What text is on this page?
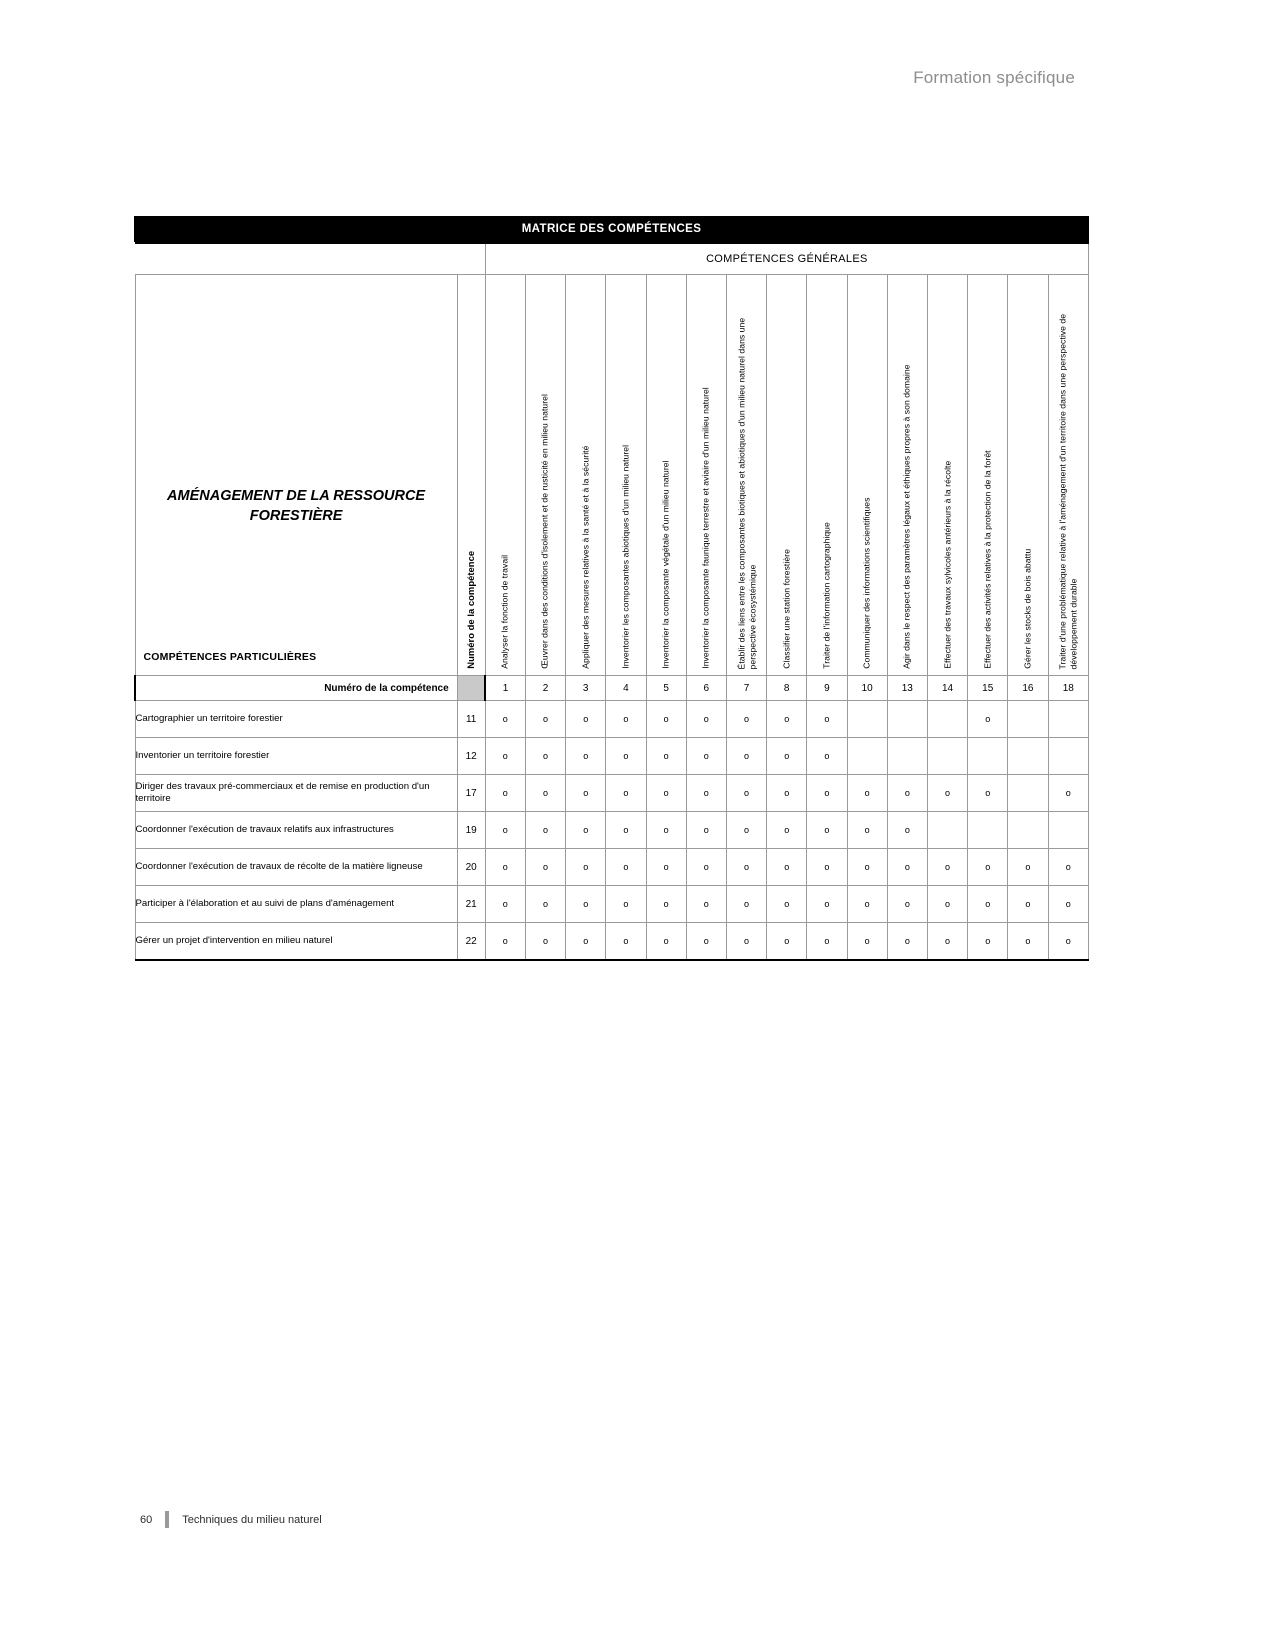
Formation spécifique
MATRICE DES COMPÉTENCES
		COMPÉTENCES GÉNÉRALES														

AMÉNAGEMENT DE LA RESSOURCE FORESTIÈRE
COMPÉTENCES PARTICULIÈRES	Numéro de la compétence	Analyser la fonction de travail	Œuvrer dans des conditions d'isolement et de rusticité en milieu naturel	Appliquer des mesures relatives à la santé et à la sécurité	Inventorier les composantes abiotiques d'un milieu naturel	Inventorier la composante végétale d'un milieu naturel	Inventorier la composante faunique terrestre et aviaire d'un milieu naturel	Établir des liens entre les composantes biotiques et abiotiques d'un milieu naturel dans une perspective écosystémique	Classifier une station forestière	Traiter de l'information cartographique	Communiquer des informations scientifiques	Agir dans le respect des paramètres légaux et éthiques propres à son domaine	Effectuer des travaux sylvicoles antérieurs à la récolte	Effectuer des activités relatives à la protection de la forêt	Gérer les stocks de bois abattu	Traiter d'une problématique relative à l'aménagement d'un territoire dans une perspective de développement durable

Numéro de la compétence		1	2	3	4	5	6	7	8	9	10	13	14	15	16	18
Cartographier un territoire forestier	11	o	o	o	o	o	o	o	o	o				o		
Inventorier un territoire forestier	12	o	o	o	o	o	o	o	o	o						
Diriger des travaux pré-commerciaux et de remise en production d'un territoire	17	o	o	o	o	o	o	o	o	o	o	o	o	o		o
Coordonner l'exécution de travaux relatifs aux infrastructures	19	o	o	o	o	o	o	o	o	o	o	o				
Coordonner l'exécution de travaux de récolte de la matière ligneuse	20	o	o	o	o	o	o	o	o	o	o	o	o	o	o	o
Participer à l'élaboration et au suivi de plans d'aménagement	21	o	o	o	o	o	o	o	o	o	o	o	o	o	o	o
Gérer un projet d'intervention en milieu naturel	22	o	o	o	o	o	o	o	o	o	o	o	o	o	o	o
60	Techniques du milieu naturel
